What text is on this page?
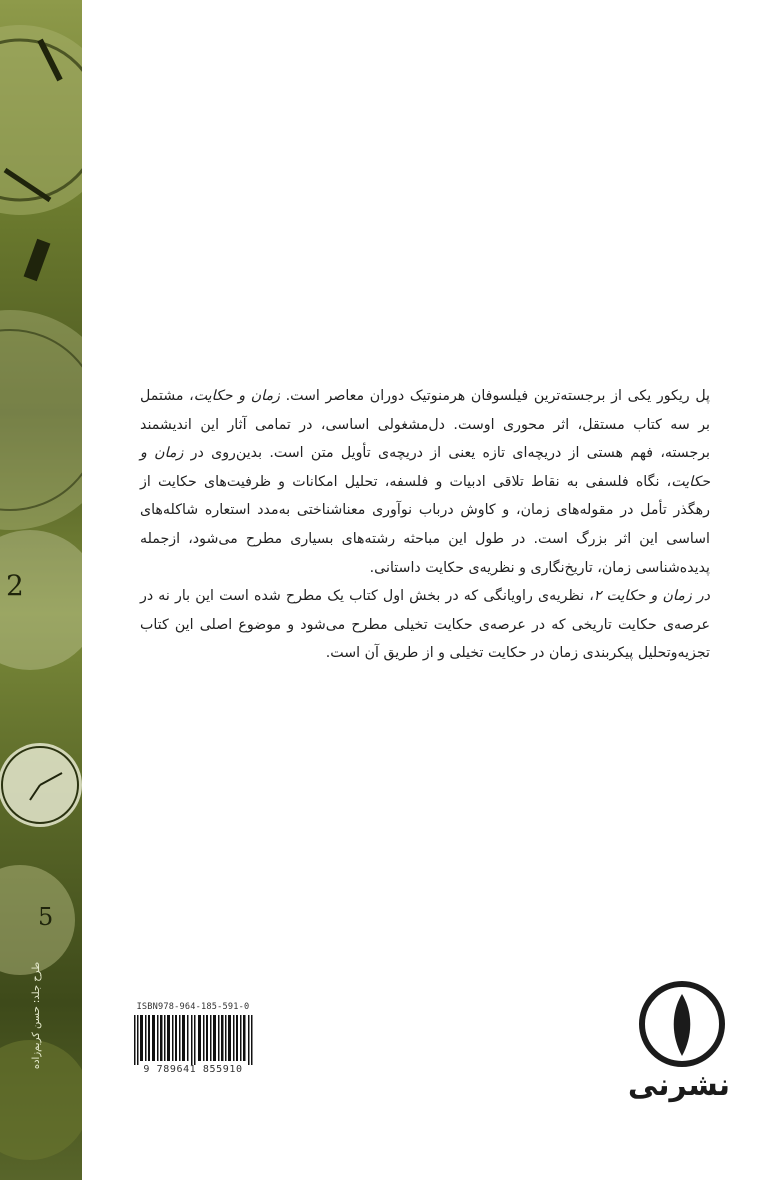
2
5
طرح جلد: حسن کریم‌زاده

پل ریکور یکی از برجسته‌ترین فیلسوفان هرمنوتیک دوران معاصر است. زمان و حکایت، مشتمل بر سه کتاب مستقل، اثر محوری اوست. دل‌مشغولی اساسی، در تمامی آثار این اندیشمند برجسته، فهم هستی از دریچه‌ای تازه یعنی از دریچه‌ی تأویل متن است. بدین‌روی در زمان و حکایت، نگاه فلسفی به نقاط تلاقی ادبیات و فلسفه، تحلیل امکانات و ظرفیت‌های حکایت از رهگذر تأمل در مقوله‌های زمان، و کاوش درباب نوآوری معناشناختی به‌مدد استعاره شاکله‌های اساسی این اثر بزرگ است. در طول این مباحثه رشته‌های بسیاری مطرح می‌شود، ازجمله پدیده‌شناسی زمان، تاریخ‌نگاری و نظریه‌ی حکایت داستانی.

در زمان و حکایت ۲، نظریه‌ی راویانگی که در بخش اول کتاب یک مطرح شده است این بار نه در عرصه‌ی حکایت تاریخی که در عرصه‌ی حکایت تخیلی مطرح می‌شود و موضوع اصلی این کتاب تجزیه‌وتحلیل پیکربندی زمان در حکایت تخیلی و از طریق آن است.

ISBN978-964-185-591-0
9 789641 855910	نشرنی
